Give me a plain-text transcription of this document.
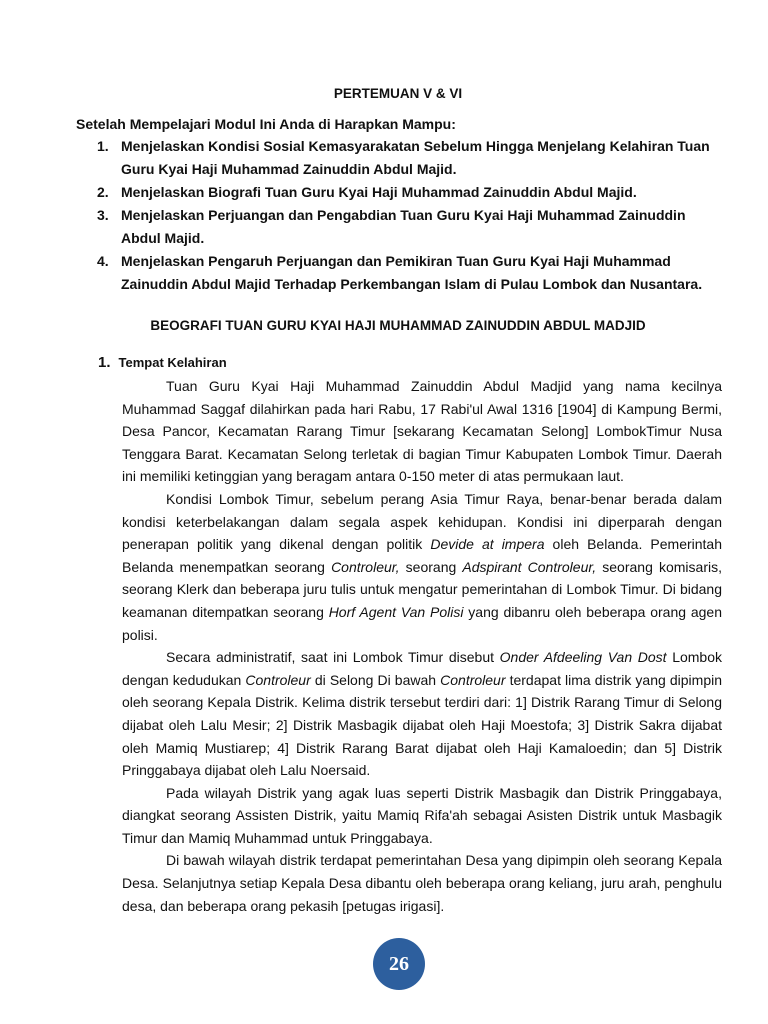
PERTEMUAN V & VI
Setelah Mempelajari Modul Ini Anda di Harapkan Mampu:
1. Menjelaskan Kondisi Sosial Kemasyarakatan Sebelum Hingga Menjelang Kelahiran Tuan Guru Kyai Haji Muhammad Zainuddin Abdul Majid.
2. Menjelaskan Biografi Tuan Guru Kyai Haji Muhammad Zainuddin Abdul Majid.
3. Menjelaskan Perjuangan dan Pengabdian Tuan Guru Kyai Haji Muhammad Zainuddin Abdul Majid.
4. Menjelaskan Pengaruh Perjuangan dan Pemikiran Tuan Guru Kyai Haji Muhammad Zainuddin Abdul Majid Terhadap Perkembangan Islam di Pulau Lombok dan Nusantara.
BEOGRAFI TUAN GURU KYAI HAJI MUHAMMAD ZAINUDDIN ABDUL MADJID
1. Tempat Kelahiran

Tuan Guru Kyai Haji Muhammad Zainuddin Abdul Madjid yang nama kecilnya Muhammad Saggaf dilahirkan pada hari Rabu, 17 Rabi'ul Awal 1316 [1904] di Kampung Bermi, Desa Pancor, Kecamatan Rarang Timur [sekarang Kecamatan Selong] LombokTimur Nusa Tenggara Barat. Kecamatan Selong terletak di bagian Timur Kabupaten Lombok Timur. Daerah ini memiliki ketinggian yang beragam antara 0-150 meter di atas permukaan laut.

Kondisi Lombok Timur, sebelum perang Asia Timur Raya, benar-benar berada dalam kondisi keterbelakangan dalam segala aspek kehidupan. Kondisi ini diperparah dengan penerapan politik yang dikenal dengan politik Devide at impera oleh Belanda. Pemerintah Belanda menempatkan seorang Controleur, seorang Adspirant Controleur, seorang komisaris, seorang Klerk dan beberapa juru tulis untuk mengatur pemerintahan di Lombok Timur. Di bidang keamanan ditempatkan seorang Horf Agent Van Polisi yang dibanru oleh beberapa orang agen polisi.

Secara administratif, saat ini Lombok Timur disebut Onder Afdeeling Van Dost Lombok dengan kedudukan Controleur di Selong Di bawah Controleur terdapat lima distrik yang dipimpin oleh seorang Kepala Distrik. Kelima distrik tersebut terdiri dari: 1] Distrik Rarang Timur di Selong dijabat oleh Lalu Mesir; 2] Distrik Masbagik dijabat oleh Haji Moestofa; 3] Distrik Sakra dijabat oleh Mamiq Mustiarep; 4] Distrik Rarang Barat dijabat oleh Haji Kamaloedin; dan 5] Distrik Pringgabaya dijabat oleh Lalu Noersaid.

Pada wilayah Distrik yang agak luas seperti Distrik Masbagik dan Distrik Pringgabaya, diangkat seorang Assisten Distrik, yaitu Mamiq Rifa'ah sebagai Asisten Distrik untuk Masbagik Timur dan Mamiq Muhammad untuk Pringgabaya.

Di bawah wilayah distrik terdapat pemerintahan Desa yang dipimpin oleh seorang Kepala Desa. Selanjutnya setiap Kepala Desa dibantu oleh beberapa orang keliang, juru arah, penghulu desa, dan beberapa orang pekasih [petugas irigasi].

26
